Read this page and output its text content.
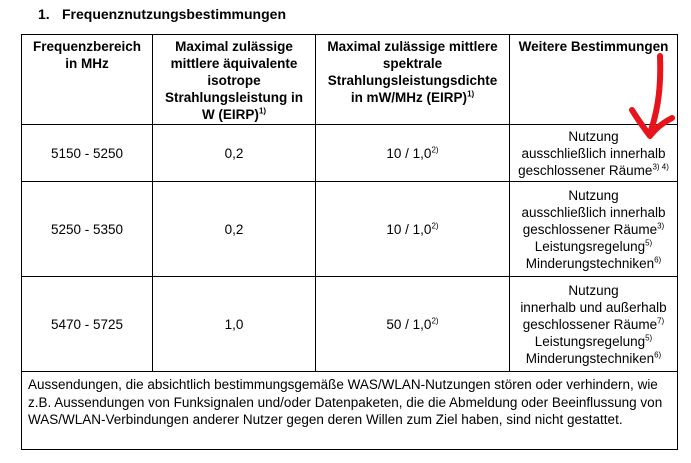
1. Frequenznutzungsbestimmungen
Frequenzbereich in MHz	Maximal zulässige mittlere äquivalente isotrope Strahlungsleistung in W (EIRP)$^{1)}$	Maximal zulässige mittlere spektrale Strahlungsleistungsdichte in mW/MHz (EIRP)$^{1)}$	Weitere Bestimmungen
5150 - 5250	0,2	10 / 1,0$^{2)}$	Nutzung
ausschließlich innerhalb
geschlossener Räume$^{3) 4)}$

5250 - 5350	0,2	10 / 1,0$^{2)}$	Nutzung
ausschließlich innerhalb
geschlossener Räume$^{3)}$
Leistungsregelung$^{5)}$
Minderungstechniken$^{6)}$

5470 - 5725	1,0	50 / 1,0$^{2)}$	Nutzung
innerhalb und außerhalb
geschlossener Räume$^{7)}$
Leistungsregelung$^{5)}$
Minderungstechniken$^{6)}$

Aussendungen, die absichtlich bestimmungsgemäße WAS/WLAN-Nutzungen stören oder verhindern, wie z.B. Aussendungen von Funksignalen und/oder Datenpaketen, die die Abmeldung oder Beeinflussung von WAS/WLAN-Verbindungen anderer Nutzer gegen deren Willen zum Ziel haben, sind nicht gestattet.			
